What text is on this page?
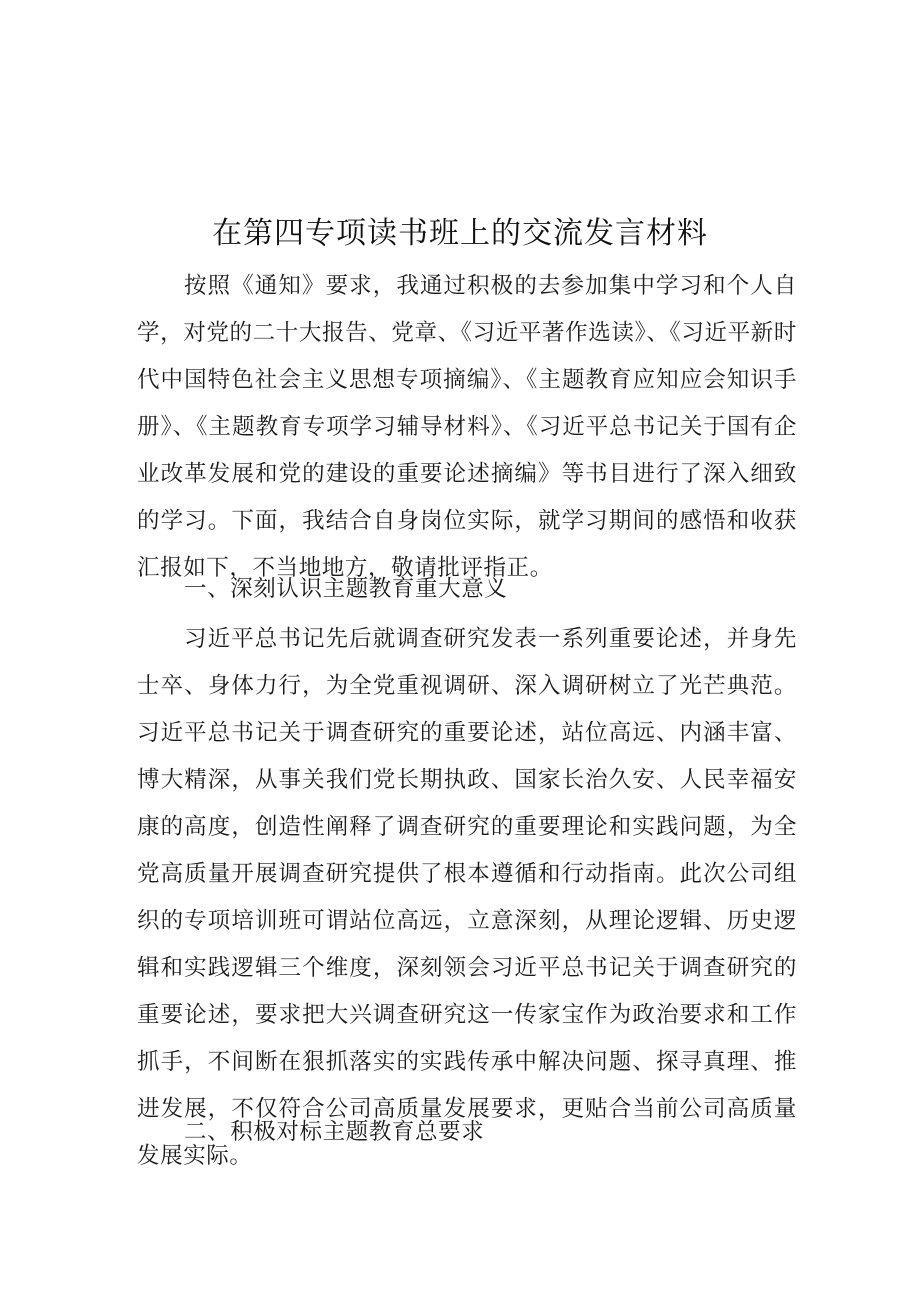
在第四专项读书班上的交流发言材料

按照《通知》要求，我通过积极的去参加集中学习和个人自学，对党的二十大报告、党章、《习近平著作选读》、《习近平新时代中国特色社会主义思想专项摘编》、《主题教育应知应会知识手册》、《主题教育专项学习辅导材料》、《习近平总书记关于国有企业改革发展和党的建设的重要论述摘编》等书目进行了深入细致的学习。下面，我结合自身岗位实际，就学习期间的感悟和收获汇报如下，不当地地方，敬请批评指正。

一、深刻认识主题教育重大意义

习近平总书记先后就调查研究发表一系列重要论述，并身先士卒、身体力行，为全党重视调研、深入调研树立了光芒典范。习近平总书记关于调查研究的重要论述，站位高远、内涵丰富、博大精深，从事关我们党长期执政、国家长治久安、人民幸福安康的高度，创造性阐释了调查研究的重要理论和实践问题，为全党高质量开展调查研究提供了根本遵循和行动指南。此次公司组织的专项培训班可谓站位高远，立意深刻，从理论逻辑、历史逻辑和实践逻辑三个维度，深刻领会习近平总书记关于调查研究的重要论述，要求把大兴调查研究这一传家宝作为政治要求和工作抓手，不间断在狠抓落实的实践传承中解决问题、探寻真理、推进发展，不仅符合公司高质量发展要求，更贴合当前公司高质量发展实际。

二、积极对标主题教育总要求
